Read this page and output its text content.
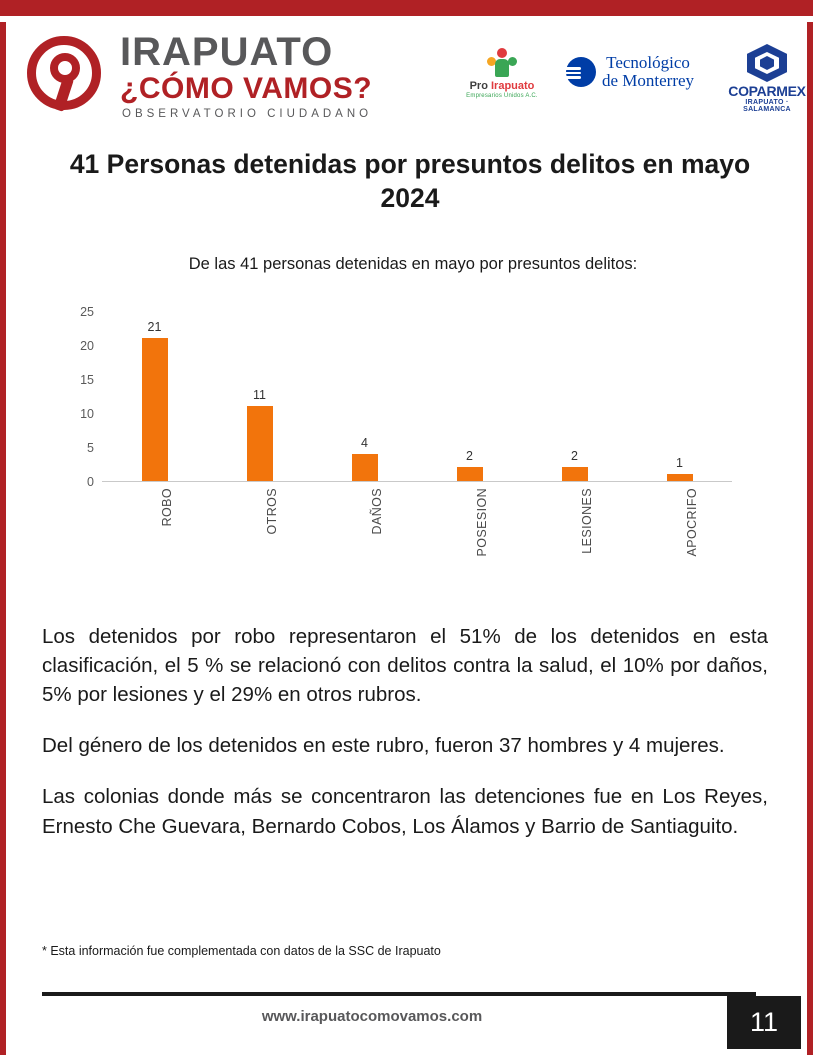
IRAPUATO
¿CÓMO VAMOS?
OBSERVATORIO CIUDADANO
Pro Irapuato
Empresarios Unidos A.C.
Tecnológico
de Monterrey
COPARMEX
IRAPUATO · SALAMANCA
41 Personas detenidas por presuntos delitos en mayo 2024
De las 41 personas detenidas en mayo por presuntos delitos:
0
5
10
15
20
25
21
11
4
2	2	1
ROBO	OTROS	DAÑOS	POSESION	LESIONES	APOCRIFO

Los detenidos por robo representaron el 51% de los detenidos en esta clasificación, el 5 % se relacionó con delitos contra la salud, el 10% por daños, 5% por lesiones y el 29% en otros rubros.

Del género de los detenidos en este rubro, fueron 37 hombres y 4 mujeres.

Las colonias donde más se concentraron las detenciones fue en Los Reyes, Ernesto Che Guevara, Bernardo Cobos, Los Álamos y Barrio de Santiaguito.

* Esta información fue complementada con datos de la SSC de Irapuato
www.irapuatocomovamos.com	11
